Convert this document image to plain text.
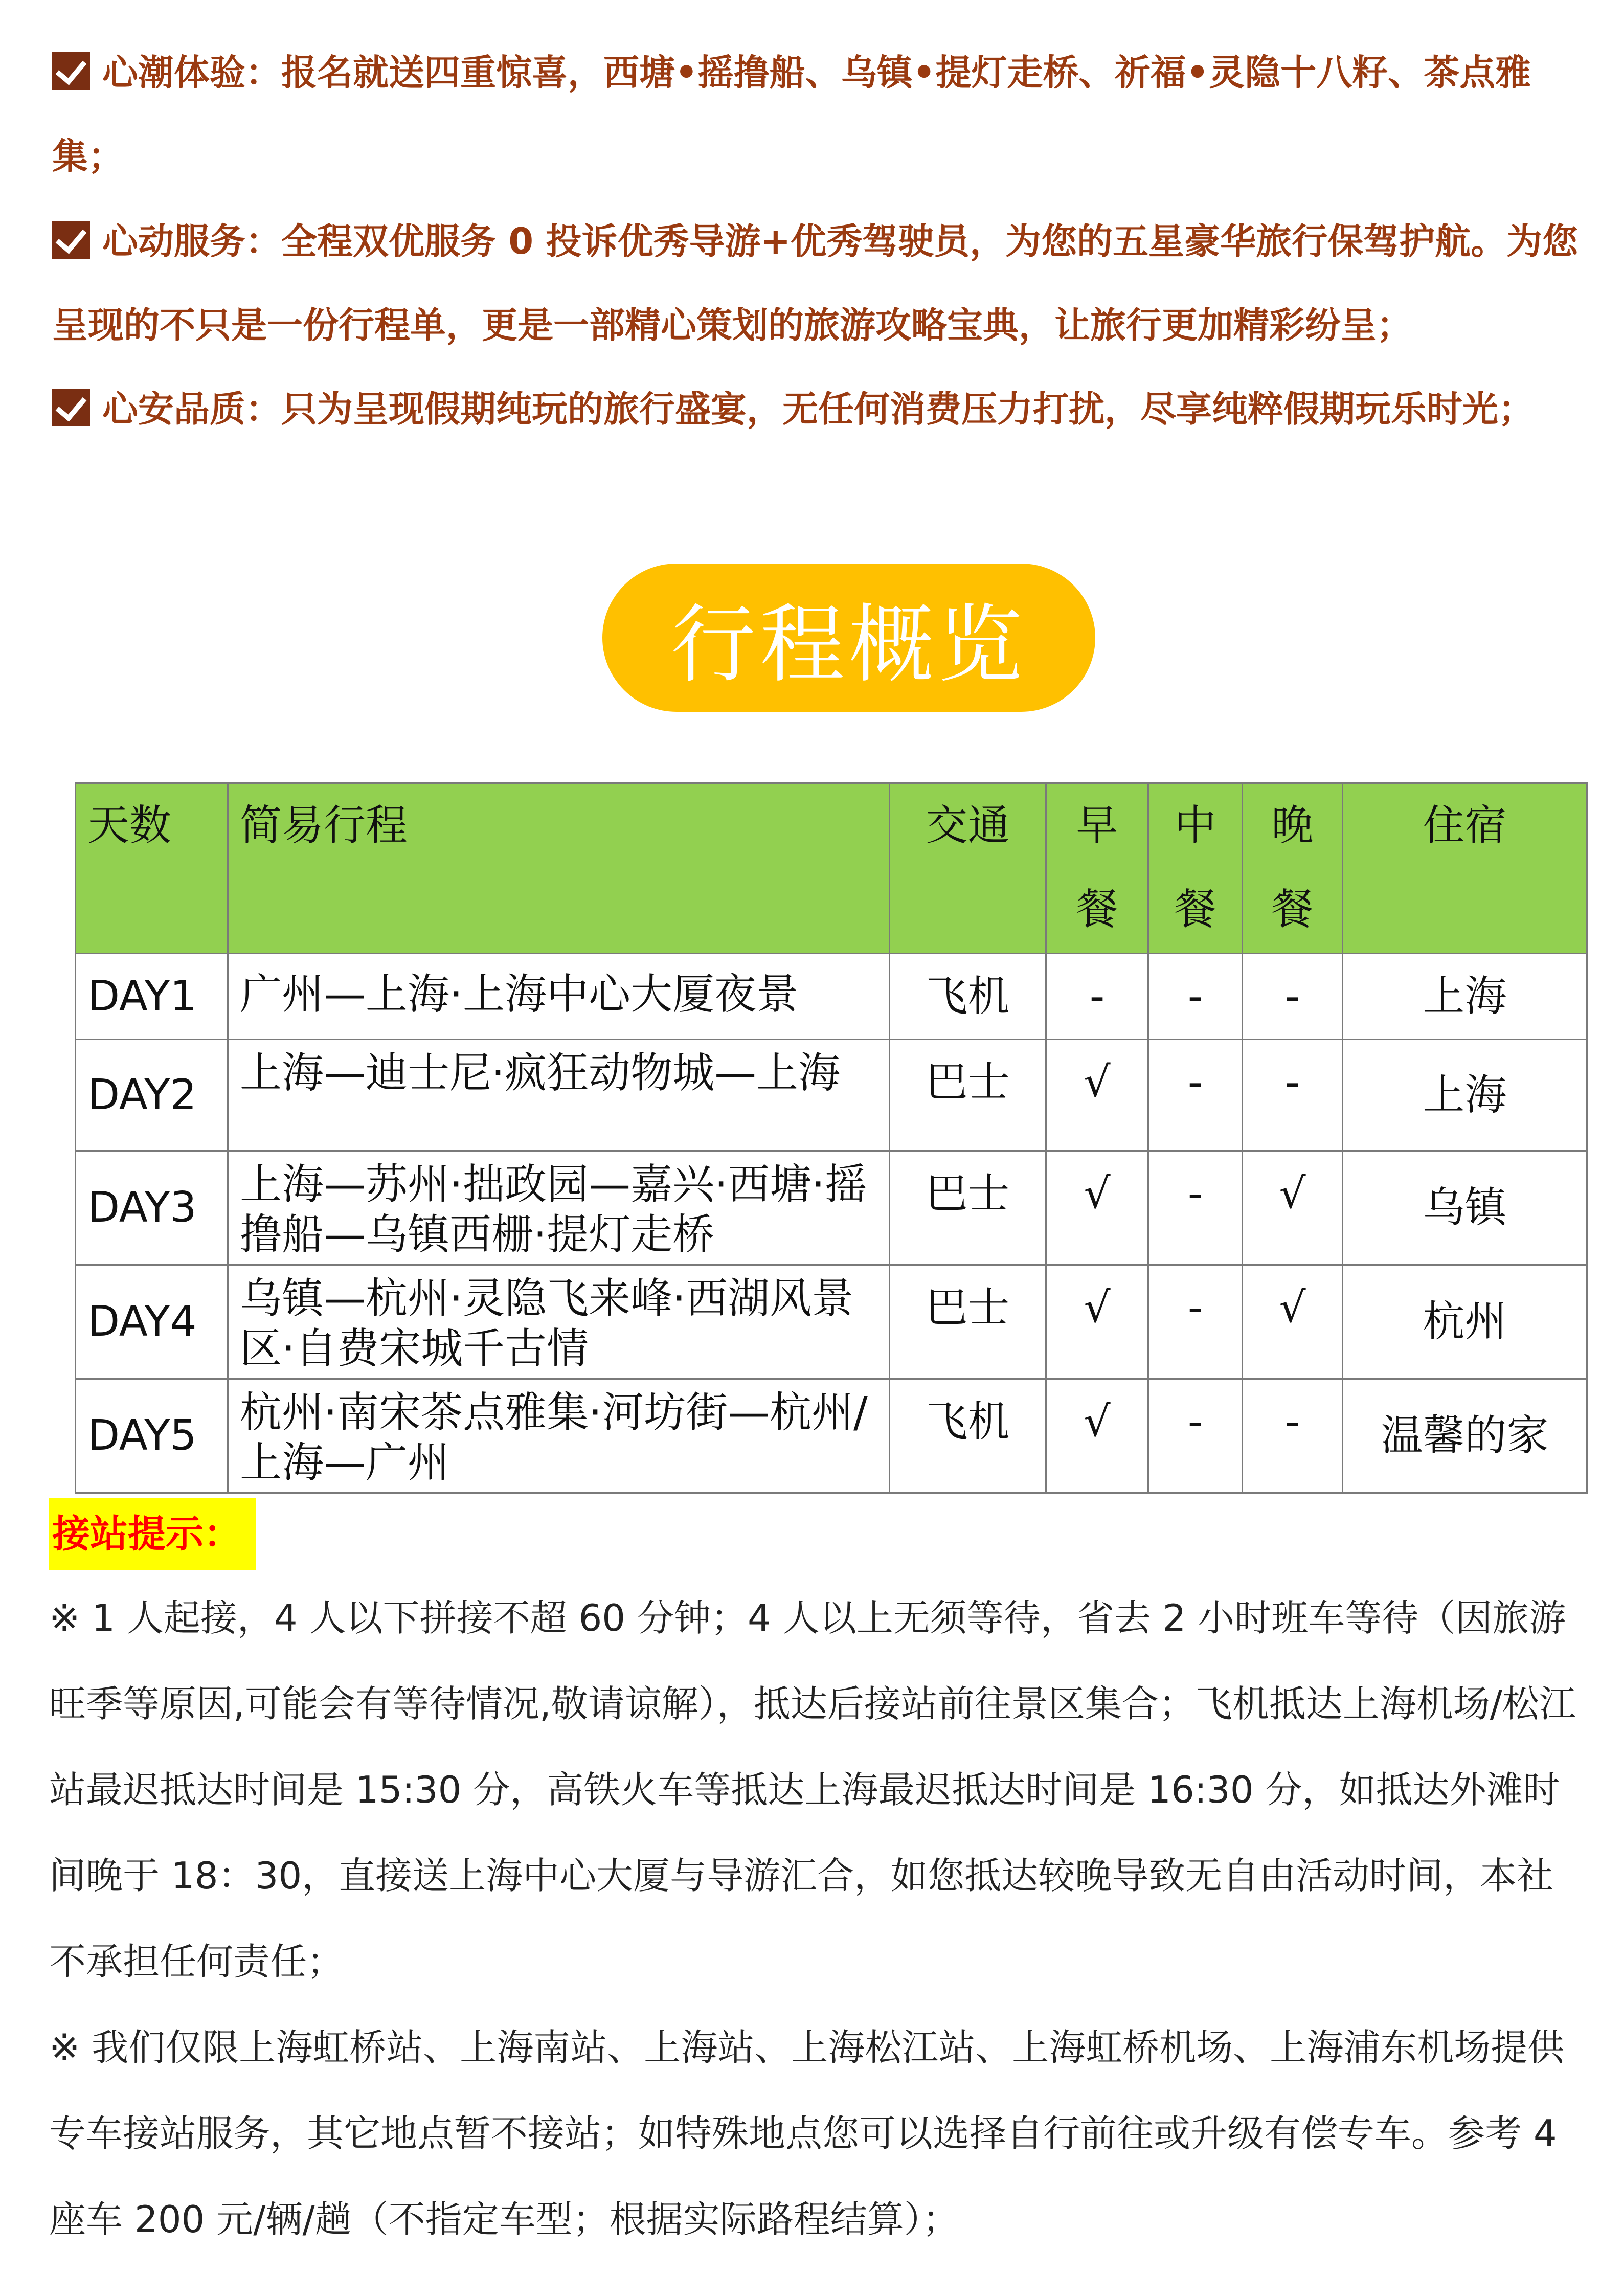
心潮体验：报名就送四重惊喜，西塘•摇撸船、乌镇•提灯走桥、祈福•灵隐十八籽、茶点雅集；

心动服务：全程双优服务 0 投诉优秀导游+优秀驾驶员，为您的五星豪华旅行保驾护航。为您呈现的不只是一份行程单，更是一部精心策划的旅游攻略宝典，让旅行更加精彩纷呈；

心安品质：只为呈现假期纯玩的旅行盛宴，无任何消费压力打扰，尽享纯粹假期玩乐时光；

行程概览
天数	简易行程	交通	早餐	中餐	晚餐	住宿
DAY1	广州—上海·上海中心大厦夜景	飞机	-	-	-	上海
DAY2	上海—迪士尼·疯狂动物城—上海	巴士	√	-	-	上海
DAY3	上海—苏州·拙政园—嘉兴·西塘·摇撸船—乌镇西栅·提灯走桥	巴士	√	-	√	乌镇
DAY4	乌镇—杭州·灵隐飞来峰·西湖风景区·自费宋城千古情	巴士	√	-	√	杭州
DAY5	杭州·南宋茶点雅集·河坊街—杭州/上海—广州	飞机	√	-	-	温馨的家
接站提示：

※ 1 人起接，4 人以下拼接不超 60 分钟；4 人以上无须等待，省去 2 小时班车等待（因旅游旺季等原因,可能会有等待情况,敬请谅解），抵达后接站前往景区集合；飞机抵达上海机场/松江站最迟抵达时间是 15:30 分，高铁火车等抵达上海最迟抵达时间是 16:30 分，如抵达外滩时间晚于 18：30，直接送上海中心大厦与导游汇合，如您抵达较晚导致无自由活动时间，本社不承担任何责任；

※ 我们仅限上海虹桥站、上海南站、上海站、上海松江站、上海虹桥机场、上海浦东机场提供专车接站服务，其它地点暂不接站；如特殊地点您可以选择自行前往或升级有偿专车。参考 4 座车 200 元/辆/趟（不指定车型；根据实际路程结算）；
